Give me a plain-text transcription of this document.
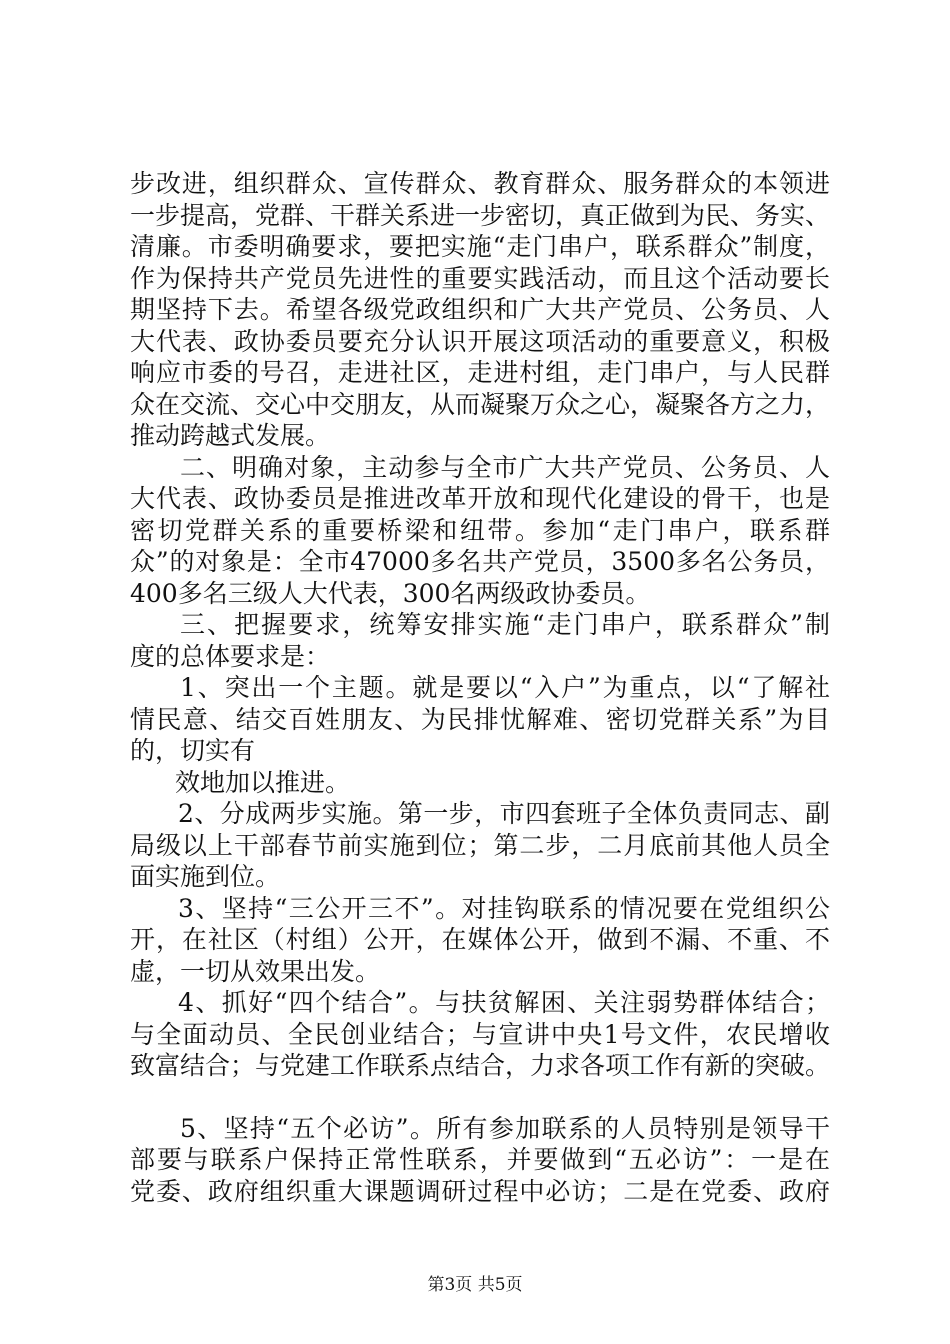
步改进，组织群众、宣传群众、教育群众、服务群众的本领进
一步提高，党群、干群关系进一步密切，真正做到为民、务实、
清廉。市委明确要求，要把实施“走门串户，联系群众”制度，
作为保持共产党员先进性的重要实践活动，而且这个活动要长
期坚持下去。希望各级党政组织和广大共产党员、公务员、人
大代表、政协委员要充分认识开展这项活动的重要意义，积极
响应市委的号召，走进社区，走进村组，走门串户，与人民群
众在交流、交心中交朋友，从而凝聚万众之心，凝聚各方之力，
推动跨越式发展。
二、明确对象，主动参与全市广大共产党员、公务员、人
大代表、政协委员是推进改革开放和现代化建设的骨干，也是
密切党群关系的重要桥梁和纽带。参加“走门串户，联系群
众”的对象是：全市47000多名共产党员，3500多名公务员，
400多名三级人大代表，300名两级政协委员。
三、把握要求，统筹安排实施“走门串户，联系群众”制
度的总体要求是：
1、突出一个主题。就是要以“入户”为重点，以“了解社
情民意、结交百姓朋友、为民排忧解难、密切党群关系”为目
的，切实有
效地加以推进。
2、分成两步实施。第一步，市四套班子全体负责同志、副
局级以上干部春节前实施到位；第二步，二月底前其他人员全
面实施到位。
3、坚持“三公开三不”。对挂钩联系的情况要在党组织公
开，在社区（村组）公开，在媒体公开，做到不漏、不重、不
虚，一切从效果出发。
4、抓好“四个结合”。与扶贫解困、关注弱势群体结合；
与全面动员、全民创业结合；与宣讲中央1号文件，农民增收
致富结合；与党建工作联系点结合，力求各项工作有新的突破。
5、坚持“五个必访”。所有参加联系的人员特别是领导干
部要与联系户保持正常性联系，并要做到“五必访”：一是在
党委、政府组织重大课题调研过程中必访；二是在党委、政府
第3页 共5页
